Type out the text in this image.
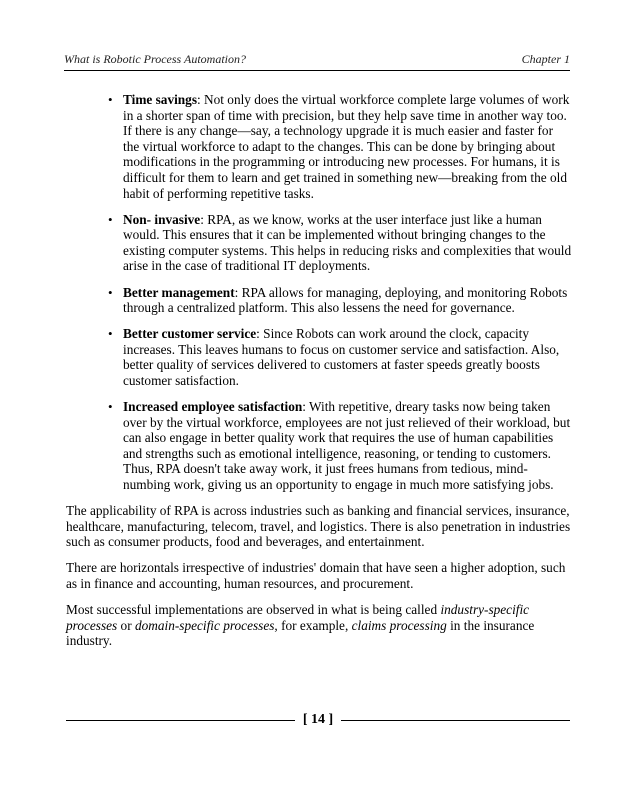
What is Robotic Process Automation?	Chapter 1
• Time savings: Not only does the virtual workforce complete large volumes of work in a shorter span of time with precision, but they help save time in another way too. If there is any change—say, a technology upgrade it is much easier and faster for the virtual workforce to adapt to the changes. This can be done by bringing about modifications in the programming or introducing new processes. For humans, it is difficult for them to learn and get trained in something new—breaking from the old habit of performing repetitive tasks.
• Non- invasive: RPA, as we know, works at the user interface just like a human would. This ensures that it can be implemented without bringing changes to the existing computer systems. This helps in reducing risks and complexities that would arise in the case of traditional IT deployments.
• Better management: RPA allows for managing, deploying, and monitoring Robots through a centralized platform. This also lessens the need for governance.
• Better customer service: Since Robots can work around the clock, capacity increases. This leaves humans to focus on customer service and satisfaction. Also, better quality of services delivered to customers at faster speeds greatly boosts customer satisfaction.
• Increased employee satisfaction: With repetitive, dreary tasks now being taken over by the virtual workforce, employees are not just relieved of their workload, but can also engage in better quality work that requires the use of human capabilities and strengths such as emotional intelligence, reasoning, or tending to customers. Thus, RPA doesn't take away work, it just frees humans from tedious, mind-numbing work, giving us an opportunity to engage in much more satisfying jobs.

The applicability of RPA is across industries such as banking and financial services, insurance, healthcare, manufacturing, telecom, travel, and logistics. There is also penetration in industries such as consumer products, food and beverages, and entertainment.

There are horizontals irrespective of industries' domain that have seen a higher adoption, such as in finance and accounting, human resources, and procurement.

Most successful implementations are observed in what is being called industry-specific processes or domain-specific processes, for example, claims processing in the insurance industry.

[ 14 ]
